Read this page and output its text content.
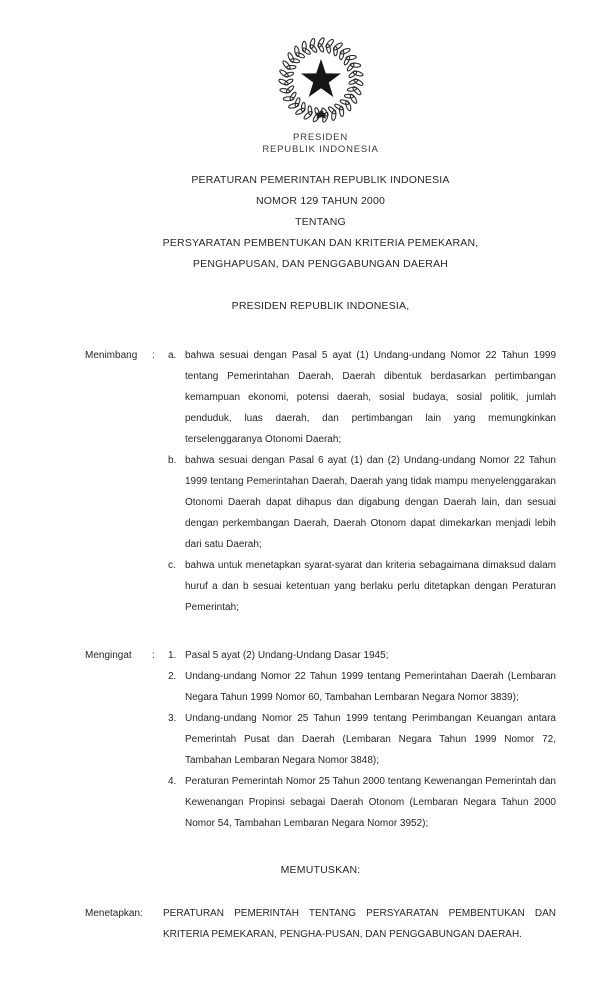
PRESIDEN
REPUBLIK INDONESIA
PERATURAN PEMERINTAH REPUBLIK INDONESIA
NOMOR 129 TAHUN 2000
TENTANG
PERSYARATAN PEMBENTUKAN DAN KRITERIA PEMEKARAN,
PENGHAPUSAN, DAN PENGGABUNGAN DAERAH
PRESIDEN REPUBLIK INDONESIA,
Menimbang	:	a. bahwa sesuai dengan Pasal 5 ayat (1) Undang-undang Nomor 22 Tahun 1999 tentang Pemerintahan Daerah, Daerah dibentuk berdasarkan pertimbangan kemampuan ekonomi, potensi daerah, sosial budaya, sosial politik, jumlah penduduk, luas daerah, dan pertimbangan lain yang memungkinkan terselenggaranya Otonomi Daerah;
b. bahwa sesuai dengan Pasal 6 ayat (1) dan (2) Undang-undang Nomor 22 Tahun 1999 tentang Pemerintahan Daerah, Daerah yang tidak mampu menyelenggarakan Otonomi Daerah dapat dihapus dan digabung dengan Daerah lain, dan sesuai dengan perkembangan Daerah, Daerah Otonom dapat dimekarkan menjadi lebih dari satu Daerah;
c. bahwa untuk menetapkan syarat-syarat dan kriteria sebagaimana dimaksud dalam huruf a dan b sesuai ketentuan yang berlaku perlu ditetapkan dengan Peraturan Pemerintah;
Mengingat	:	1. Pasal 5 ayat (2) Undang-Undang Dasar 1945;
2. Undang-undang Nomor 22 Tahun 1999 tentang Pemerintahan Daerah (Lembaran Negara Tahun 1999 Nomor 60, Tambahan Lembaran Negara Nomor 3839);
3. Undang-undang Nomor 25 Tahun 1999 tentang Perimbangan Keuangan antara Pemerintah Pusat dan Daerah (Lembaran Negara Tahun 1999 Nomor 72, Tambahan Lembaran Negara Nomor 3848);
4. Peraturan Pemerintah Nomor 25 Tahun 2000 tentang Kewenangan Pemerintah dan Kewenangan Propinsi sebagai Daerah Otonom (Lembaran Negara Tahun 2000 Nomor 54, Tambahan Lembaran Negara Nomor 3952);
MEMUTUSKAN:
Menetapkan:	PERATURAN PEMERINTAH TENTANG PERSYARATAN PEMBENTUKAN DAN KRITERIA PEMEKARAN, PENGHA-PUSAN, DAN PENGGABUNGAN DAERAH.
